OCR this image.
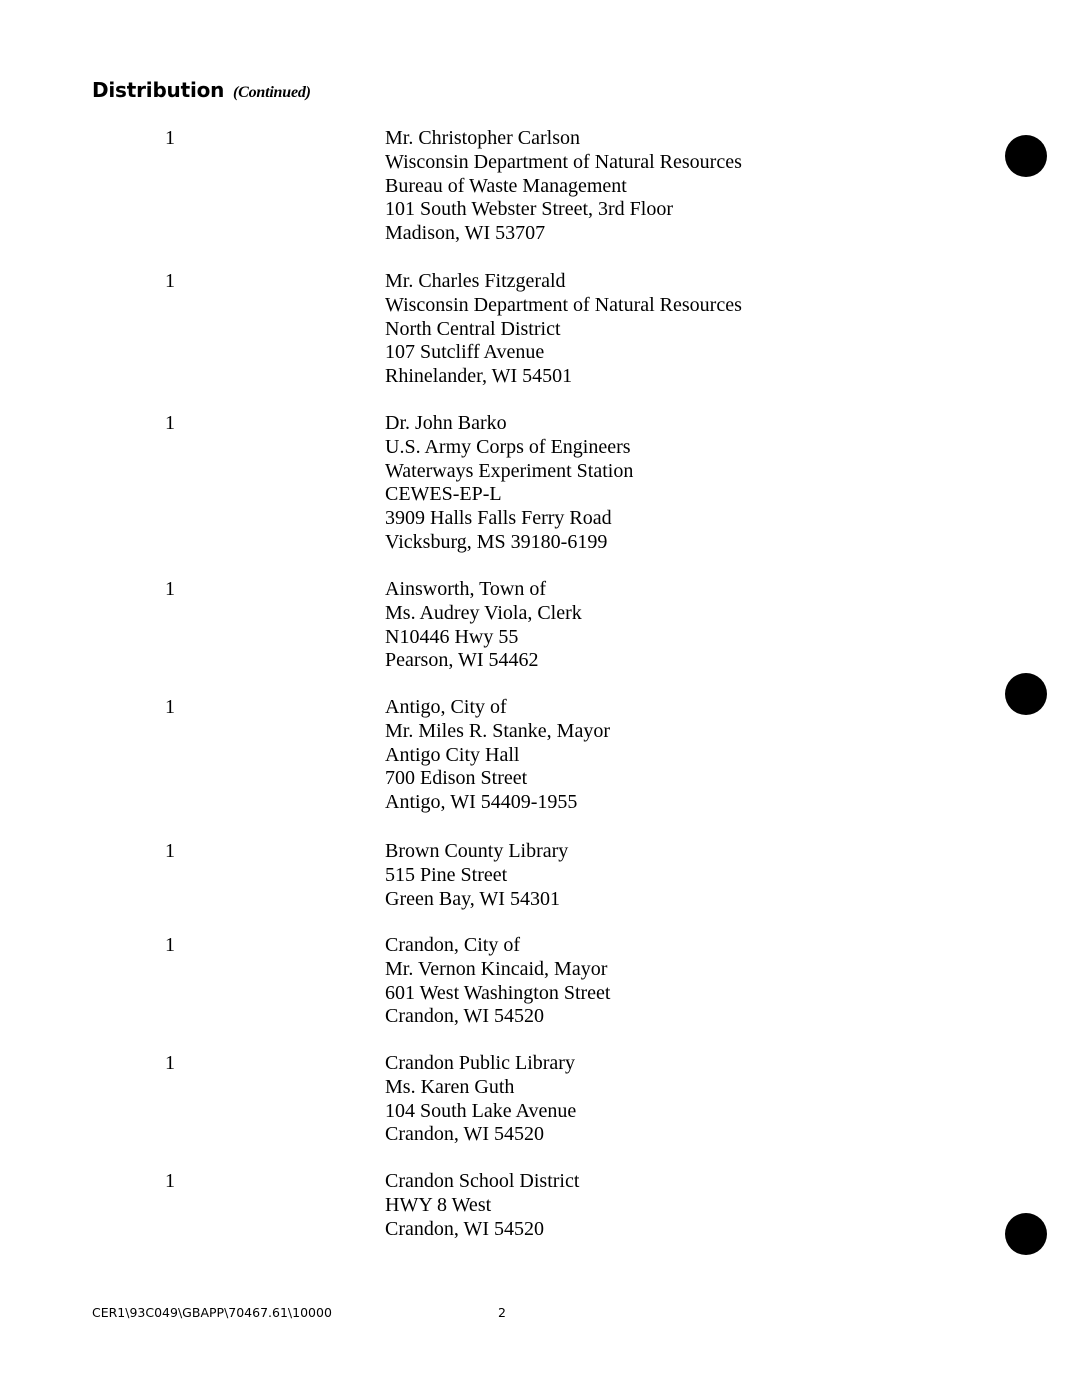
Distribution (Continued)
1	Mr. Christopher Carlson
Wisconsin Department of Natural Resources
Bureau of Waste Management
101 South Webster Street, 3rd Floor
Madison, WI 53707
1	Mr. Charles Fitzgerald
Wisconsin Department of Natural Resources
North Central District
107 Sutcliff Avenue
Rhinelander, WI 54501
1	Dr. John Barko
U.S. Army Corps of Engineers
Waterways Experiment Station
CEWES-EP-L
3909 Halls Falls Ferry Road
Vicksburg, MS 39180-6199
1	Ainsworth, Town of
Ms. Audrey Viola, Clerk
N10446 Hwy 55
Pearson, WI 54462
1	Antigo, City of
Mr. Miles R. Stanke, Mayor
Antigo City Hall
700 Edison Street
Antigo, WI 54409-1955
1	Brown County Library
515 Pine Street
Green Bay, WI 54301
1	Crandon, City of
Mr. Vernon Kincaid, Mayor
601 West Washington Street
Crandon, WI 54520
1	Crandon Public Library
Ms. Karen Guth
104 South Lake Avenue
Crandon, WI 54520
1	Crandon School District
HWY 8 West
Crandon, WI 54520
CER1\93C049\GBAPP\70467.61\10000	2
